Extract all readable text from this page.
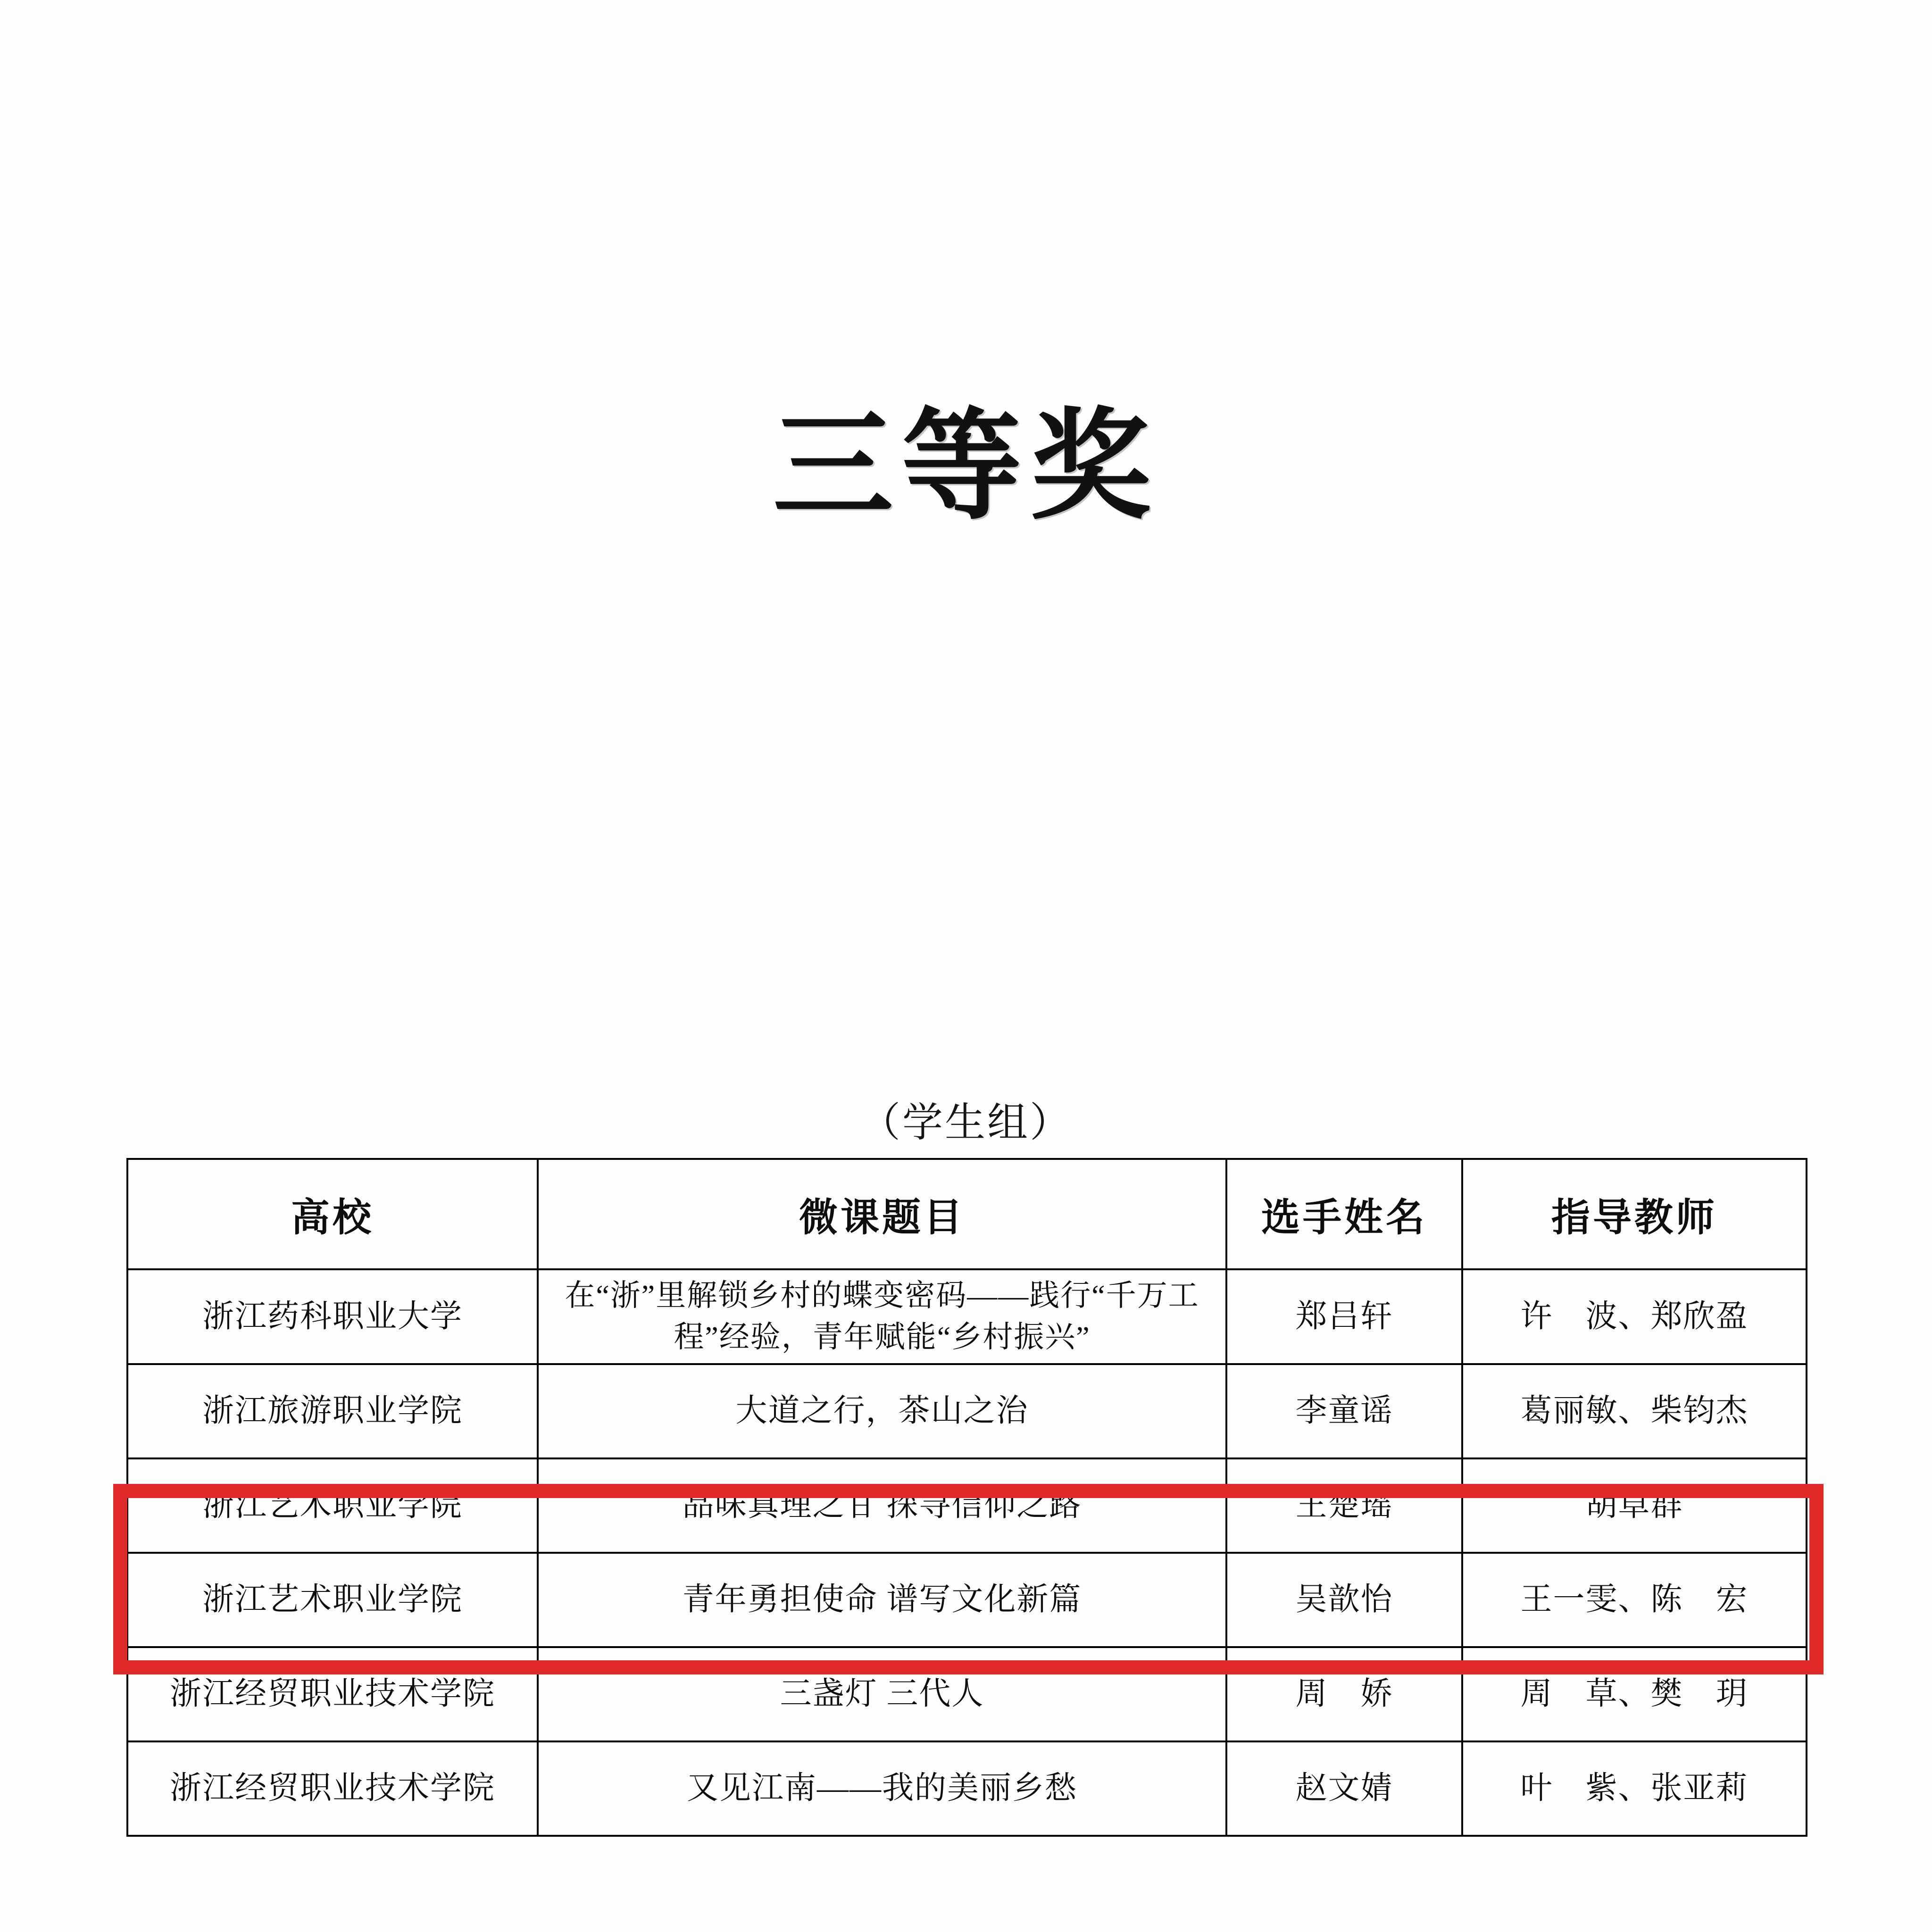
三等奖
（学生组）
高校	微课题目	选手姓名	指导教师
浙江药科职业大学	在“浙”里解锁乡村的蝶变密码——践行“千万工程”经验，青年赋能“乡村振兴”	郑吕轩	许　波、郑欣盈
浙江旅游职业学院	大道之行，茶山之治	李童谣	葛丽敏、柴钧杰
浙江艺术职业学院	品味真理之甘 探寻信仰之路	王楚瑶	胡卓群
浙江艺术职业学院	青年勇担使命 谱写文化新篇	吴歆怡	王一雯、陈　宏
浙江经贸职业技术学院	三盏灯 三代人	周　娇	周　草、樊　玥
浙江经贸职业技术学院	又见江南——我的美丽乡愁	赵文婧	叶　紫、张亚莉
